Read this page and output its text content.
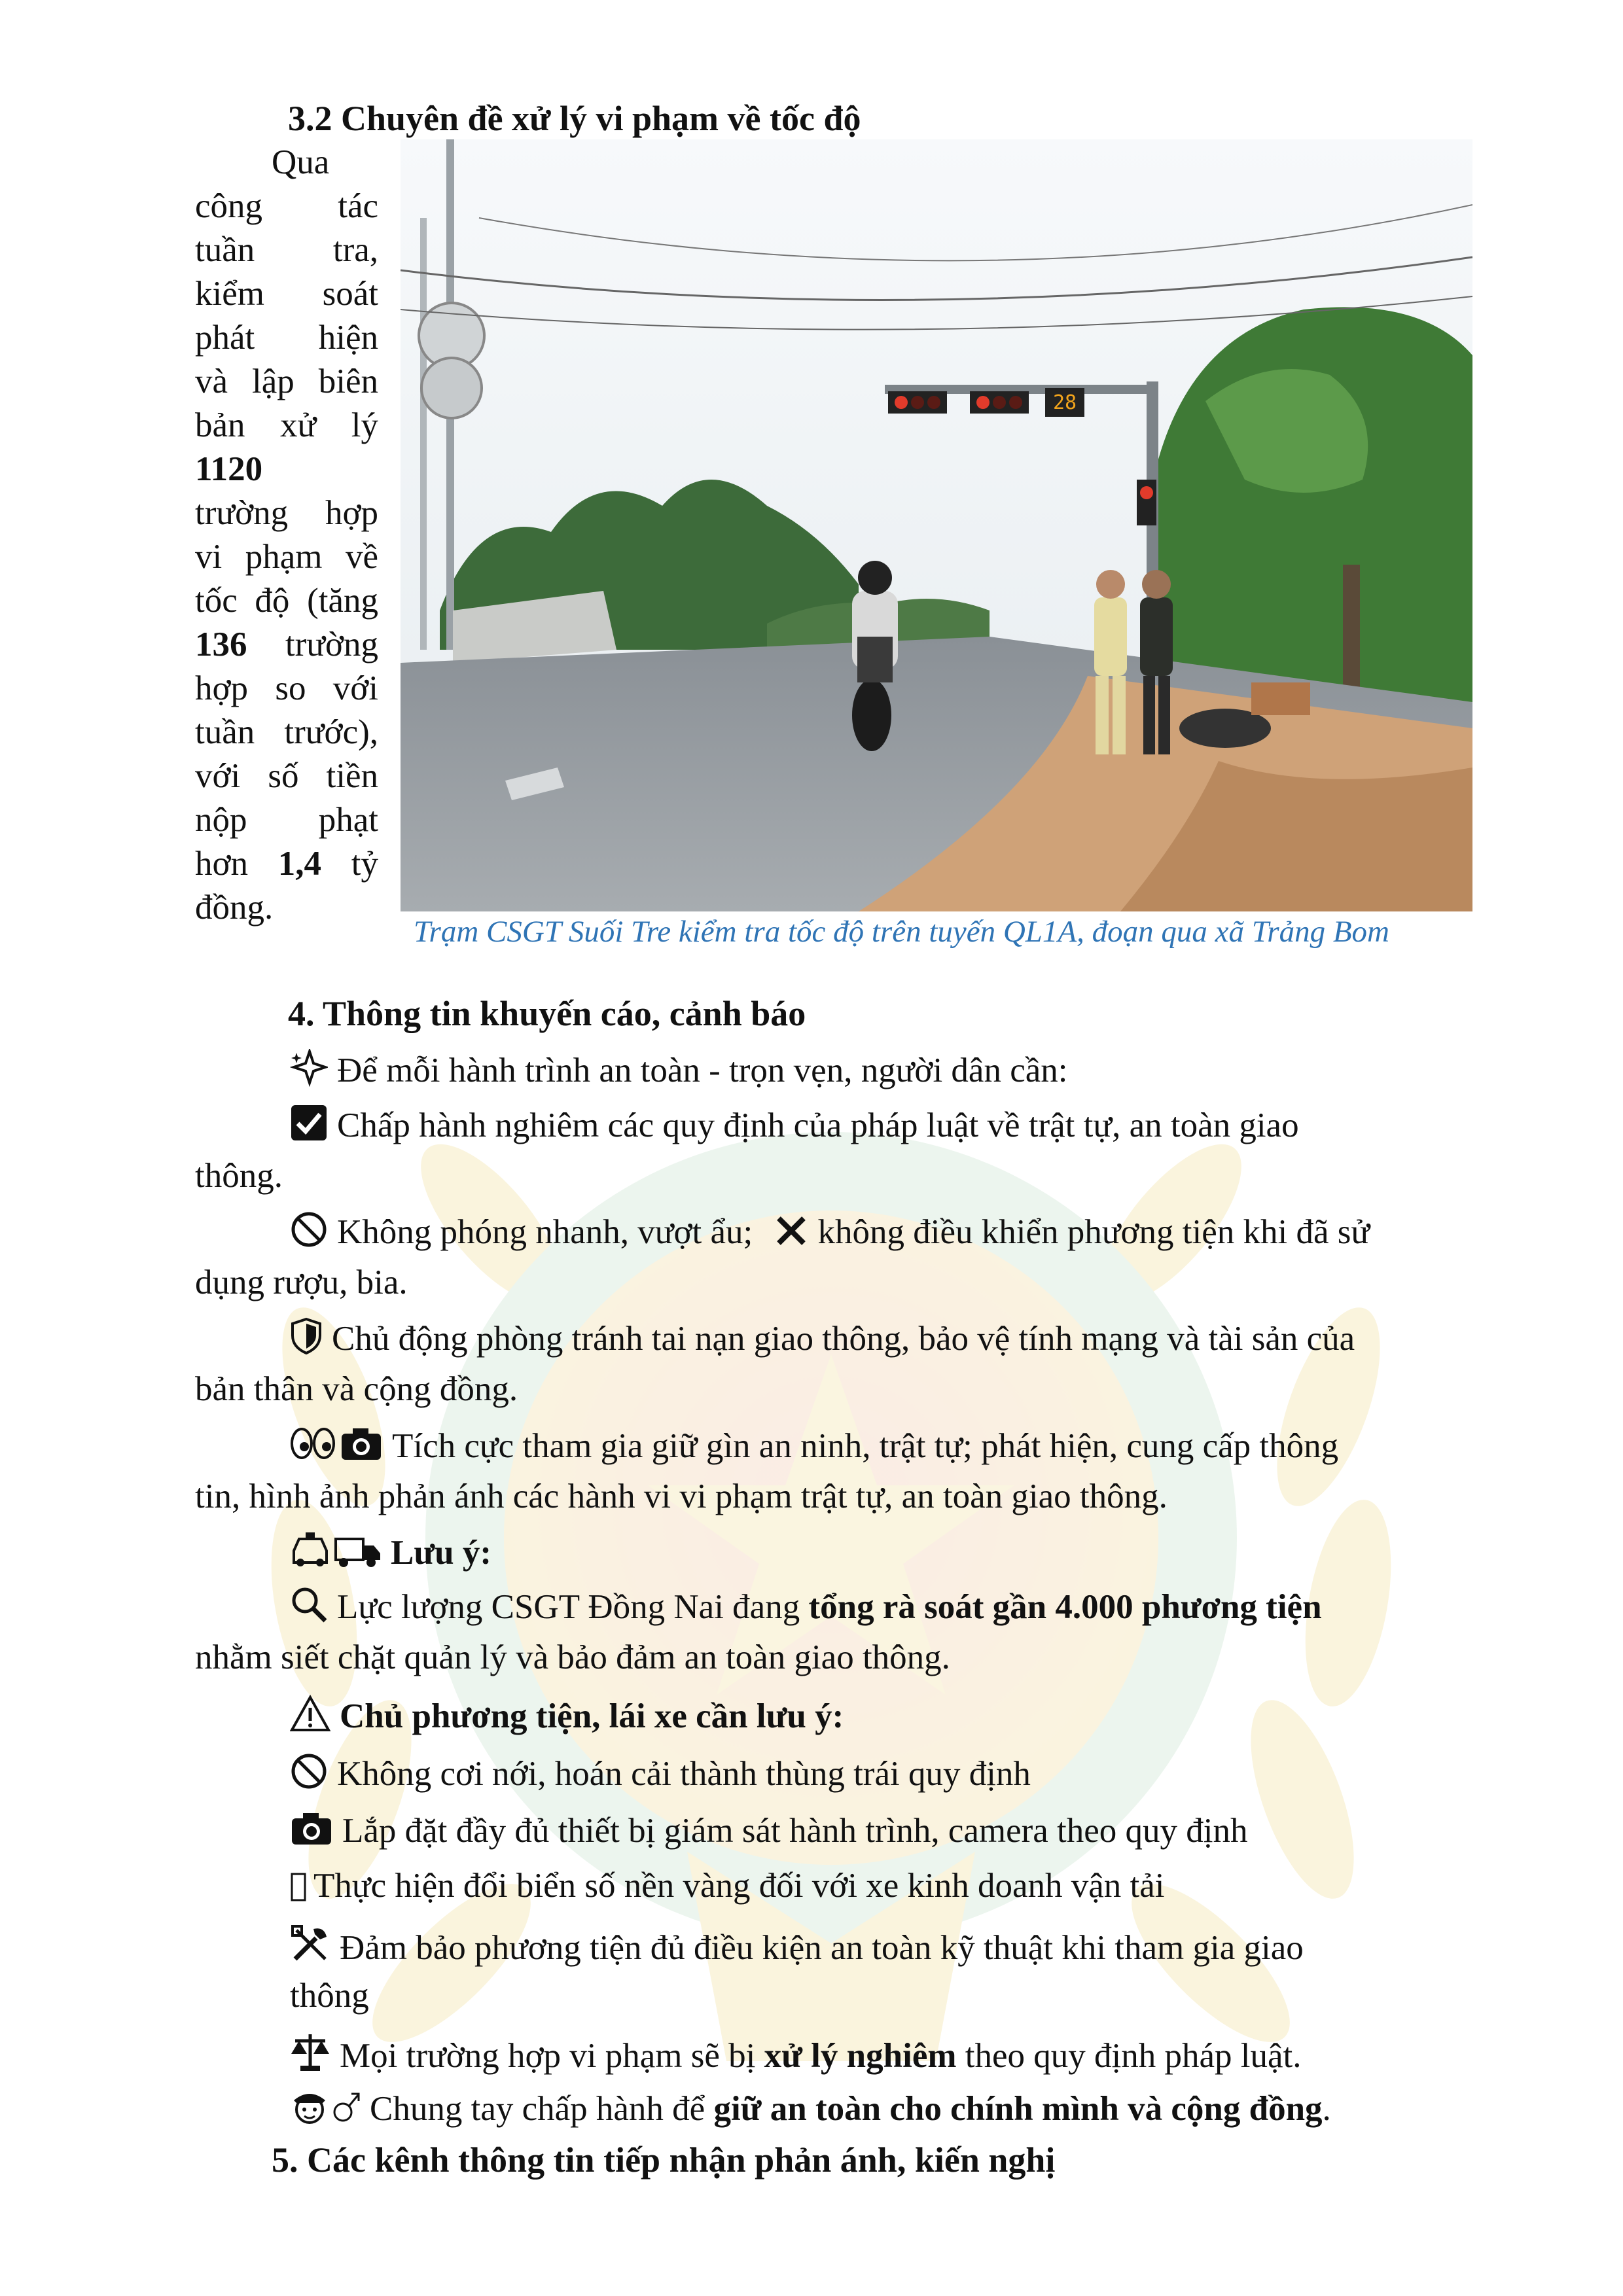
3.2 Chuyên đề xử lý vi phạm về tốc độ
Qua
công tác
tuần tra,
kiểm soát
phát hiện
và lập biên
bản xử lý
1120
trường hợp
vi phạm về
tốc độ (tăng
136 trường
hợp so với
tuần trước),
với số tiền
nộp phạt
hơn 1,4 tỷ
đồng.
28
Trạm CSGT Suối Tre kiểm tra tốc độ trên tuyến QL1A, đoạn qua xã Trảng Bom
4. Thông tin khuyến cáo, cảnh báo
Để mỗi hành trình an toàn - trọn vẹn, người dân cần:
Chấp hành nghiêm các quy định của pháp luật về trật tự, an toàn giao
thông.
Không phóng nhanh, vượt ẩu; không điều khiển phương tiện khi đã sử
dụng rượu, bia.
Chủ động phòng tránh tai nạn giao thông, bảo vệ tính mạng và tài sản của
bản thân và cộng đồng.
Tích cực tham gia giữ gìn an ninh, trật tự; phát hiện, cung cấp thông
tin, hình ảnh phản ánh các hành vi vi phạm trật tự, an toàn giao thông.
Lưu ý:
Lực lượng CSGT Đồng Nai đang tổng rà soát gần 4.000 phương tiện
nhằm siết chặt quản lý và bảo đảm an toàn giao thông.
Chủ phương tiện, lái xe cần lưu ý:
Không cơi nới, hoán cải thành thùng trái quy định
Lắp đặt đầy đủ thiết bị giám sát hành trình, camera theo quy định
Thực hiện đổi biển số nền vàng đối với xe kinh doanh vận tải
Đảm bảo phương tiện đủ điều kiện an toàn kỹ thuật khi tham gia giao
thông
Mọi trường hợp vi phạm sẽ bị xử lý nghiêm theo quy định pháp luật.
Chung tay chấp hành để giữ an toàn cho chính mình và cộng đồng.
5. Các kênh thông tin tiếp nhận phản ánh, kiến nghị
